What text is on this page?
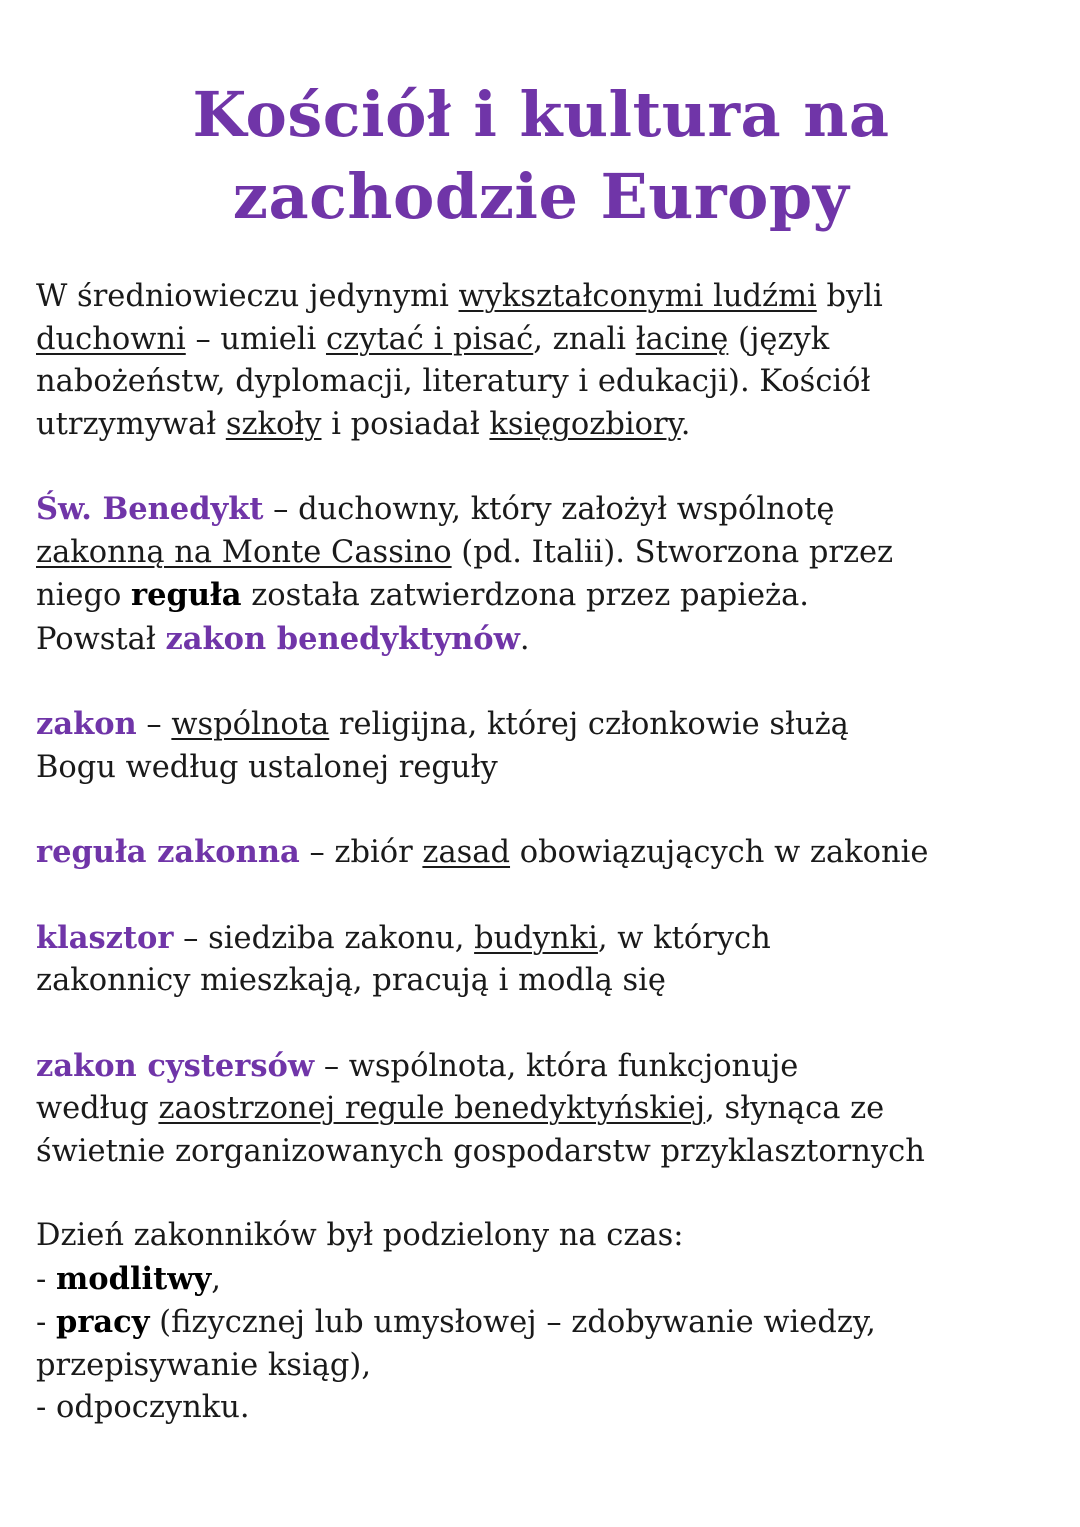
Kościół i kultura na
zachodzie Europy

W średniowieczu jedynymi wykształconymi ludźmi byli
duchowni – umieli czytać i pisać, znali łacinę (język
nabożeństw, dyplomacji, literatury i edukacji). Kościół
utrzymywał szkoły i posiadał księgozbiory.

Św. Benedykt – duchowny, który założył wspólnotę
zakonną na Monte Cassino (pd. Italii). Stworzona przez
niego reguła została zatwierdzona przez papieża.
Powstał zakon benedyktynów.

zakon – wspólnota religijna, której członkowie służą
Bogu według ustalonej reguły

reguła zakonna – zbiór zasad obowiązujących w zakonie

klasztor – siedziba zakonu, budynki, w których
zakonnicy mieszkają, pracują i modlą się

zakon cystersów – wspólnota, która funkcjonuje
według zaostrzonej regule benedyktyńskiej, słynąca ze
świetnie zorganizowanych gospodarstw przyklasztornych

Dzień zakonników był podzielony na czas:
- modlitwy,
- pracy (fizycznej lub umysłowej – zdobywanie wiedzy,
przepisywanie ksiąg),
- odpoczynku.
